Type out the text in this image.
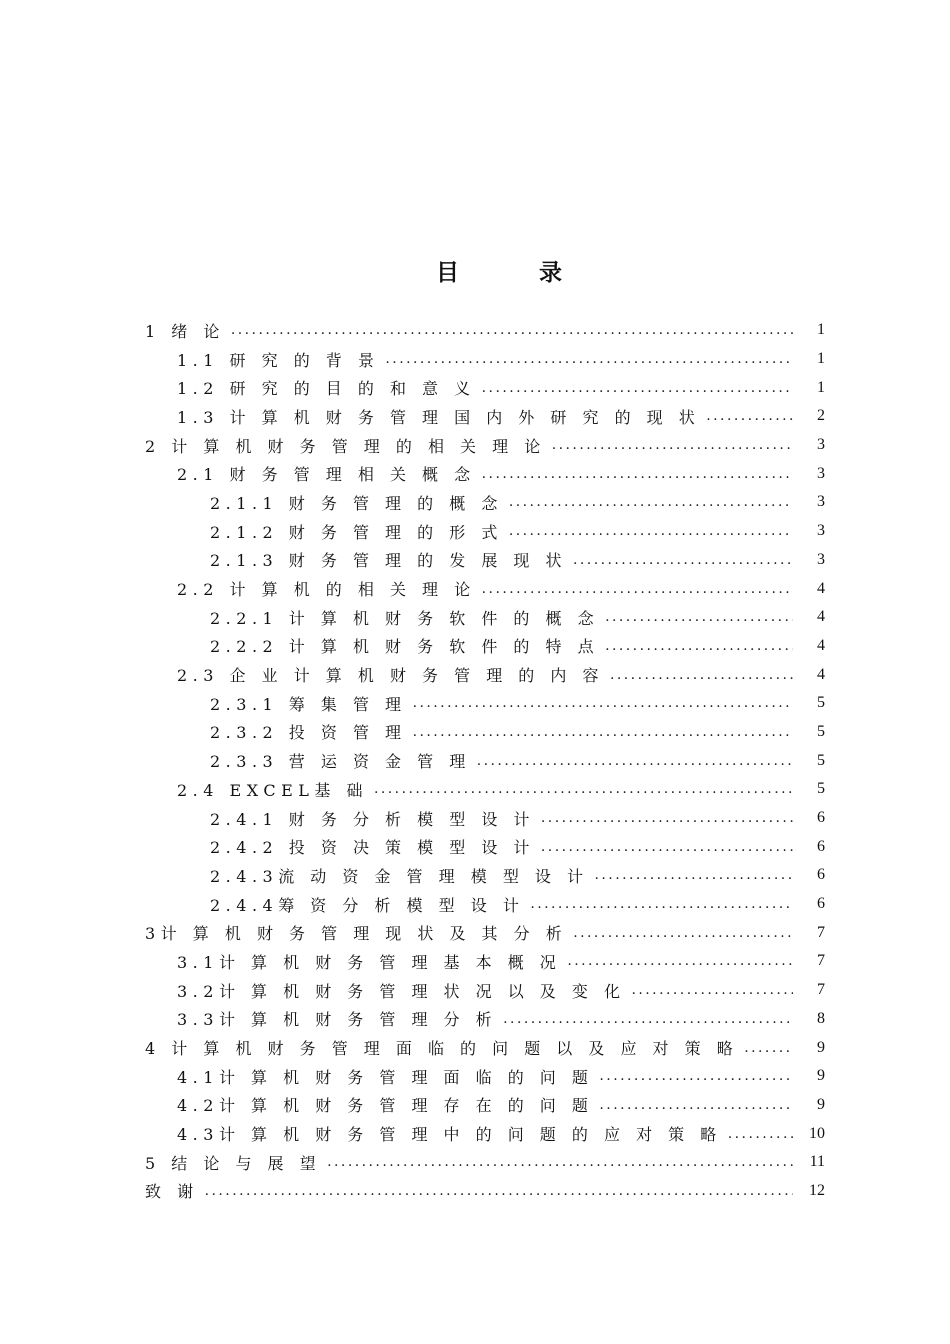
目 录
1 绪 论 . . .	1
1.1 研 究 的 背 景 . . .	1
1.2 研 究 的 目 的 和 意 义 . . .	1
1.3 计 算 机 财 务 管 理 国 内 外 研 究 的 现 状 . . .	2
2 计 算 机 财 务 管 理 的 相 关 理 论 . . .	3
2.1 财 务 管 理 相 关 概 念 . . .	3
2.1.1 财 务 管 理 的 概 念 . . .	3
2.1.2 财 务 管 理 的 形 式 . . .	3
2.1.3 财 务 管 理 的 发 展 现 状 . . .	3
2.2 计 算 机 的 相 关 理 论 . . .	4
2.2.1 计 算 机 财 务 软 件 的 概 念 . . .	4
2.2.2 计 算 机 财 务 软 件 的 特 点 . . .	4
2.3 企 业 计 算 机 财 务 管 理 的 内 容 . . .	4
2.3.1 筹 集 管 理 . . .	5
2.3.2 投 资 管 理 . . .	5
2.3.3 营 运 资 金 管 理 . . .	5
2.4 EXCEL基 础 . . .	5
2.4.1 财 务 分 析 模 型 设 计 . . .	6
2.4.2 投 资 决 策 模 型 设 计 . . .	6
2.4.3流 动 资 金 管 理 模 型 设 计 . . .	6
2.4.4筹 资 分 析 模 型 设 计 . . .	6
3计 算 机 财 务 管 理 现 状 及 其 分 析 . . .	7
3.1计 算 机 财 务 管 理 基 本 概 况 . . .	7
3.2计 算 机 财 务 管 理 状 况 以 及 变 化 . . .	7
3.3计 算 机 财 务 管 理 分 析 . . .	8
4 计 算 机 财 务 管 理 面 临 的 问 题 以 及 应 对 策 略 . . .	9
4.1计 算 机 财 务 管 理 面 临 的 问 题 . . .	9
4.2计 算 机 财 务 管 理 存 在 的 问 题 . . .	9
4.3计 算 机 财 务 管 理 中 的 问 题 的 应 对 策 略 . . .	10
5 结 论 与 展 望 . . .	11
致 谢 . . .	12
